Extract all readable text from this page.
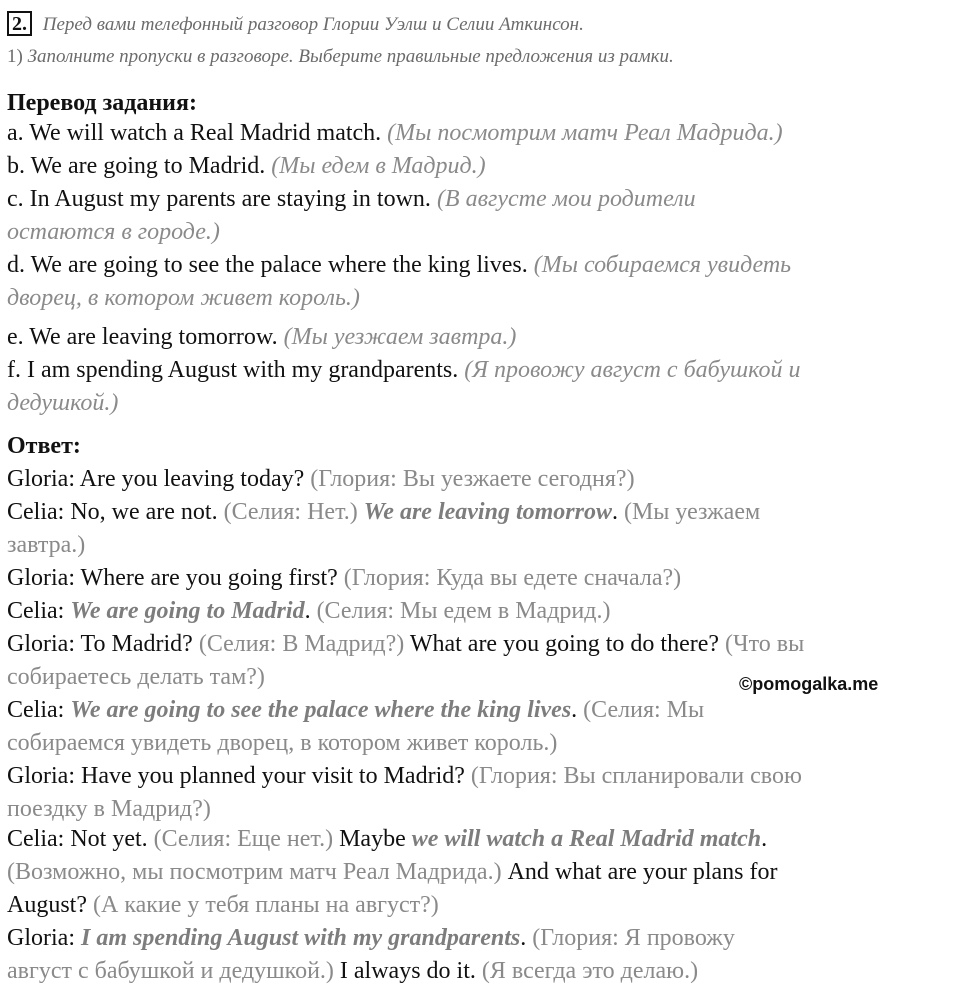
2. Перед вами телефонный разговор Глории Уэлш и Селии Аткинсон.
1) Заполните пропуски в разговоре. Выберите правильные предложения из рамки.
Перевод задания:
a. We will watch a Real Madrid match. (Мы посмотрим матч Реал Мадрида.)
b. We are going to Madrid. (Мы едем в Мадрид.)
c. In August my parents are staying in town. (В августе мои родители
остаются в городе.)
d. We are going to see the palace where the king lives. (Мы собираемся увидеть
дворец, в котором живет король.)
e. We are leaving tomorrow. (Мы уезжаем завтра.)
f. I am spending August with my grandparents. (Я провожу август с бабушкой и
дедушкой.)
Ответ:
Gloria: Are you leaving today? (Глория: Вы уезжаете сегодня?)
Celia: No, we are not. (Селия: Нет.) We are leaving tomorrow. (Мы уезжаем
завтра.)
Gloria: Where are you going first? (Глория: Куда вы едете сначала?)
Celia: We are going to Madrid. (Селия: Мы едем в Мадрид.)
Gloria: To Madrid? (Селия: В Мадрид?) What are you going to do there? (Что вы
собираетесь делать там?)
Celia: We are going to see the palace where the king lives. (Селия: Мы
собираемся увидеть дворец, в котором живет король.)
Gloria: Have you planned your visit to Madrid? (Глория: Вы спланировали свою
поездку в Мадрид?)
Celia: Not yet. (Селия: Еще нет.) Maybe we will watch a Real Madrid match.
(Возможно, мы посмотрим матч Реал Мадрида.) And what are your plans for
August? (А какие у тебя планы на август?)
Gloria: I am spending August with my grandparents. (Глория: Я провожу
август с бабушкой и дедушкой.) I always do it. (Я всегда это делаю.)
©pomogalka.me
